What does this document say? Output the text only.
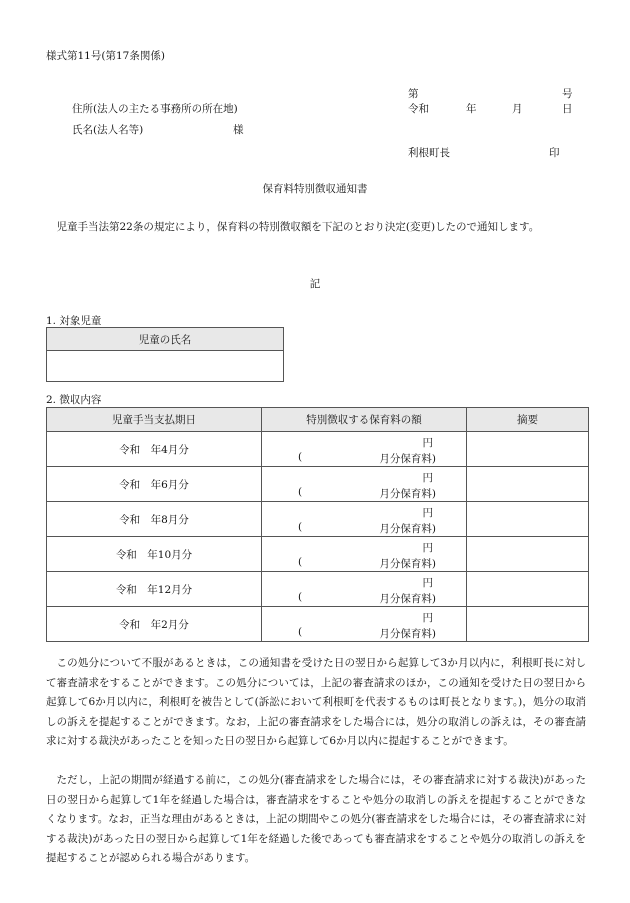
様式第11号(第17条関係)
第	号
住所(法人の主たる事務所の所在地)	令和	年	月	日
氏名(法人名等)	様
利根町長	印
保育料特別徴収通知書
児童手当法第22条の規定により，保育料の特別徴収額を下記のとおり決定(変更)したので通知します。
記
1. 対象児童
児童の氏名

2. 徴収内容
児童手当支払期日	特別徴収する保育料の額	摘要
令和　年4月分	円
( 月分保育料)	

令和　年6月分	円
( 月分保育料)	

令和　年8月分	円
( 月分保育料)	

令和　年10月分	円
( 月分保育料)	

令和　年12月分	円
( 月分保育料)	

令和　年2月分	円
( 月分保育料)	

この処分について不服があるときは，この通知書を受けた日の翌日から起算して3か月以内に，利根町長に対して審査請求をすることができます。この処分については，上記の審査請求のほか，この通知を受けた日の翌日から起算して6か月以内に，利根町を被告として(訴訟において利根町を代表するものは町長となります。)，処分の取消しの訴えを提起することができます。なお，上記の審査請求をした場合には，処分の取消しの訴えは，その審査請求に対する裁決があったことを知った日の翌日から起算して6か月以内に提起することができます。
ただし，上記の期間が経過する前に，この処分(審査請求をした場合には，その審査請求に対する裁決)があった日の翌日から起算して1年を経過した場合は，審査請求をすることや処分の取消しの訴えを提起することができなくなります。なお，正当な理由があるときは，上記の期間やこの処分(審査請求をした場合には，その審査請求に対する裁決)があった日の翌日から起算して1年を経過した後であっても審査請求をすることや処分の取消しの訴えを提起することが認められる場合があります。
